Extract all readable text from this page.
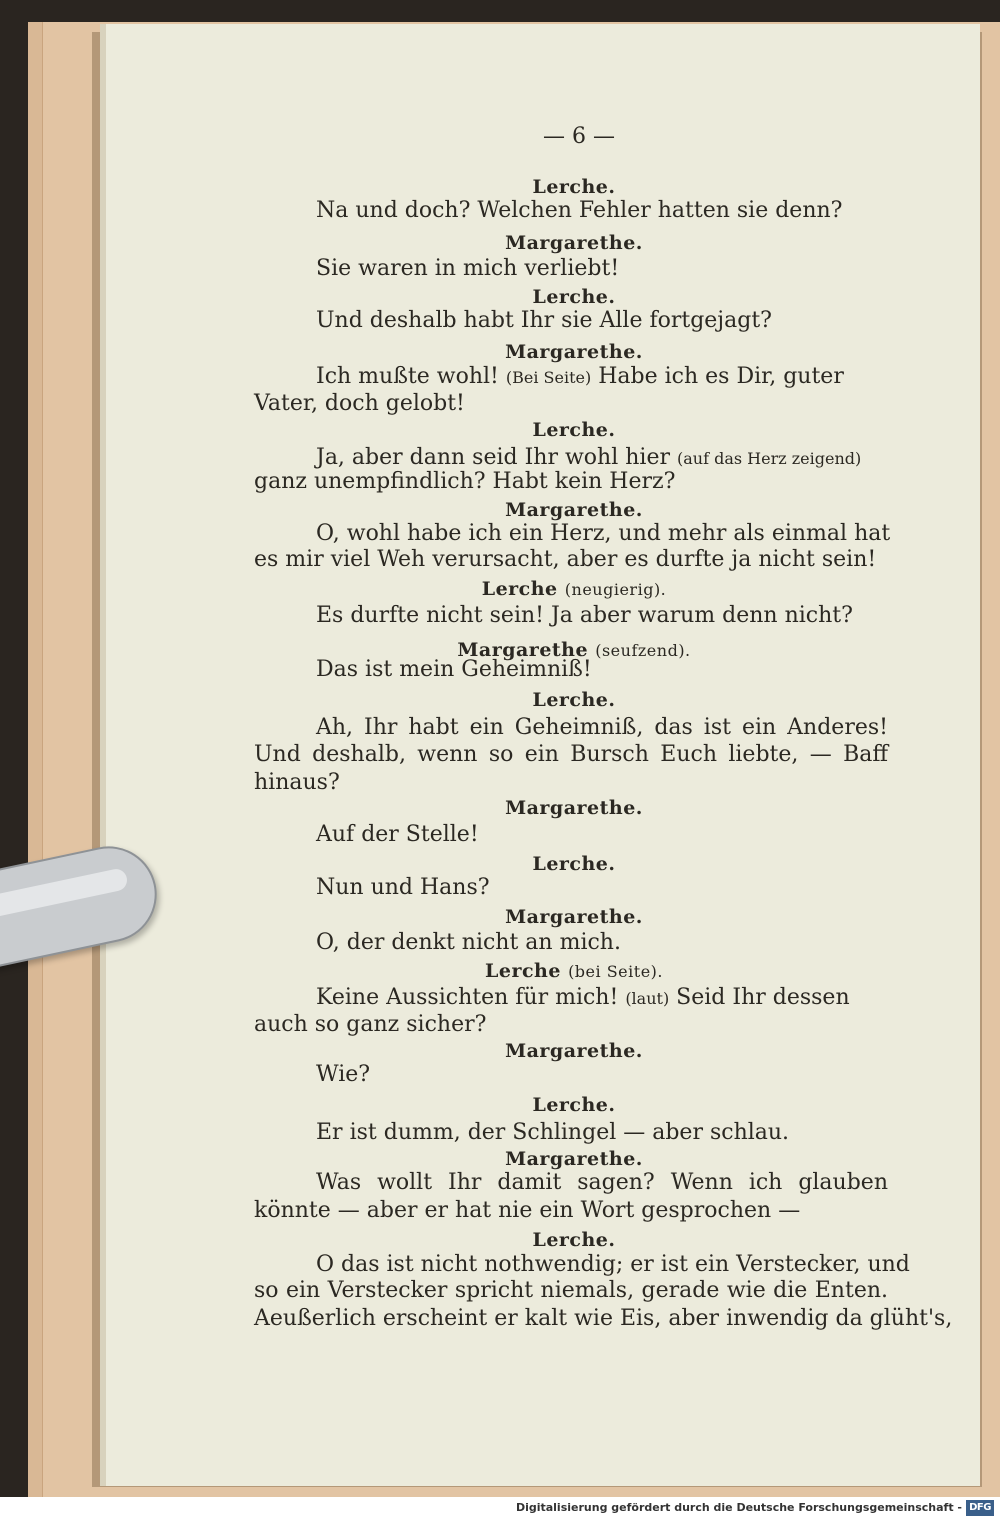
— 6 —
Lerche.
Na und doch? Welchen Fehler hatten sie denn?
Margarethe.
Sie waren in mich verliebt!
Lerche.
Und deshalb habt Ihr sie Alle fortgejagt?
Margarethe.
Ich mußte wohl! (Bei Seite) Habe ich es Dir, guter
Vater, doch gelobt!
Lerche.
Ja, aber dann seid Ihr wohl hier (auf das Herz zeigend)
ganz unempfindlich? Habt kein Herz?
Margarethe.
O, wohl habe ich ein Herz, und mehr als einmal hat
es mir viel Weh verursacht, aber es durfte ja nicht sein!
Lerche (neugierig).
Es durfte nicht sein! Ja aber warum denn nicht?
Margarethe (seufzend).
Das ist mein Geheimniß!
Lerche.
Ah, Ihr habt ein Geheimniß, das ist ein Anderes!
Und deshalb, wenn so ein Bursch Euch liebte, — Baff
hinaus?
Margarethe.
Auf der Stelle!
Lerche.
Nun und Hans?
Margarethe.
O, der denkt nicht an mich.
Lerche (bei Seite).
Keine Aussichten für mich! (laut) Seid Ihr dessen
auch so ganz sicher?
Margarethe.
Wie?
Lerche.
Er ist dumm, der Schlingel — aber schlau.
Margarethe.
Was wollt Ihr damit sagen? Wenn ich glauben
könnte — aber er hat nie ein Wort gesprochen —
Lerche.
O das ist nicht nothwendig; er ist ein Verstecker, und
so ein Verstecker spricht niemals, gerade wie die Enten.
Aeußerlich erscheint er kalt wie Eis, aber inwendig da glüht's,
Digitalisierung gefördert durch die Deutsche Forschungsgemeinschaft - DFG
